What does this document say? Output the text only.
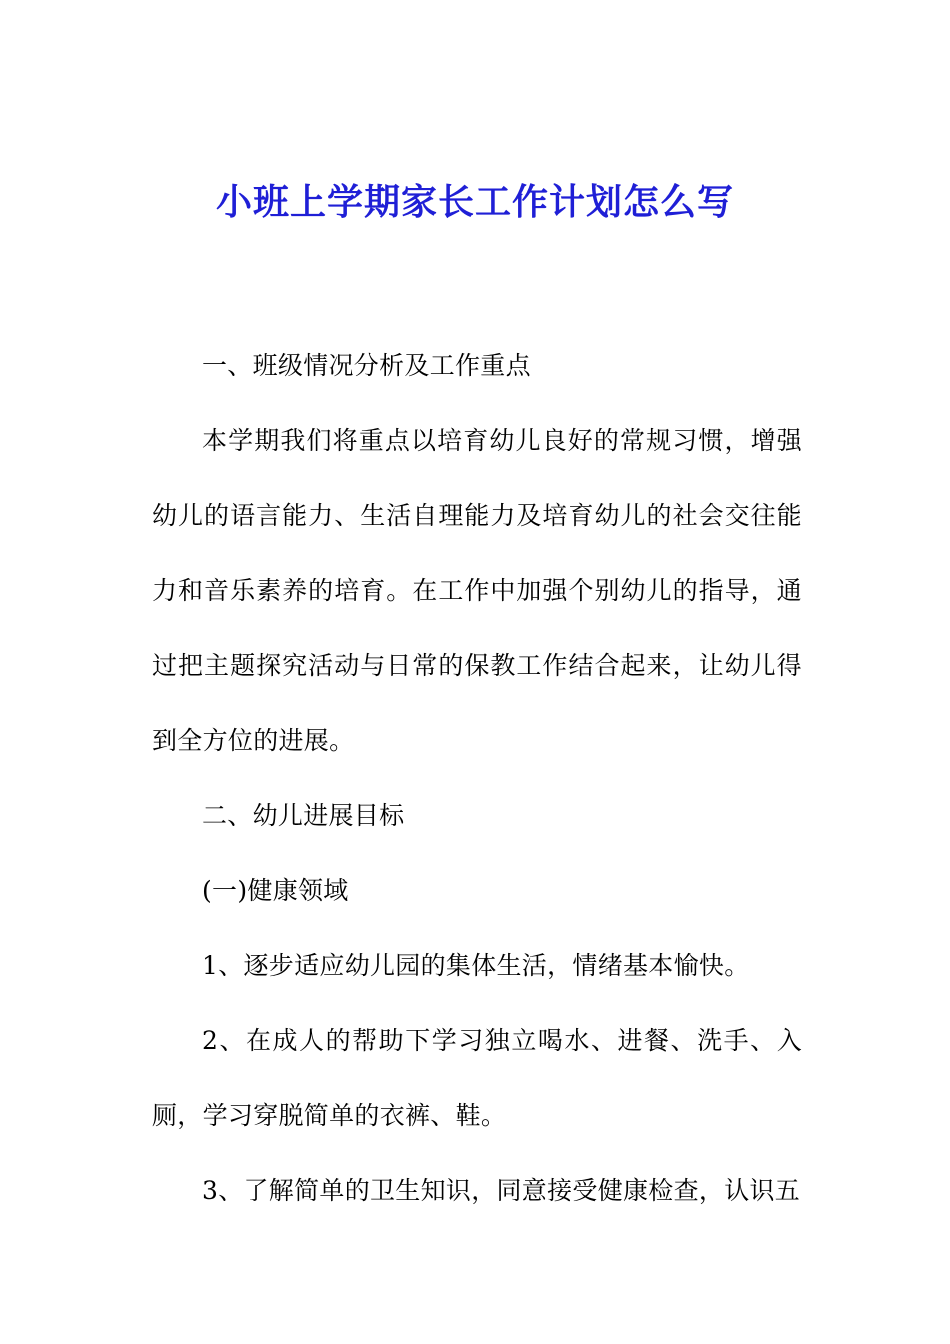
小班上学期家长工作计划怎么写

一、班级情况分析及工作重点

本学期我们将重点以培育幼儿良好的常规习惯，增强幼儿的语言能力、生活自理能力及培育幼儿的社会交往能力和音乐素养的培育。在工作中加强个别幼儿的指导，通过把主题探究活动与日常的保教工作结合起来，让幼儿得到全方位的进展。

二、幼儿进展目标

(一)健康领域

1、逐步适应幼儿园的集体生活，情绪基本愉快。

2、在成人的帮助下学习独立喝水、进餐、洗手、入厕，学习穿脱简单的衣裤、鞋。

3、了解简单的卫生知识，同意接受健康检查，认识五
